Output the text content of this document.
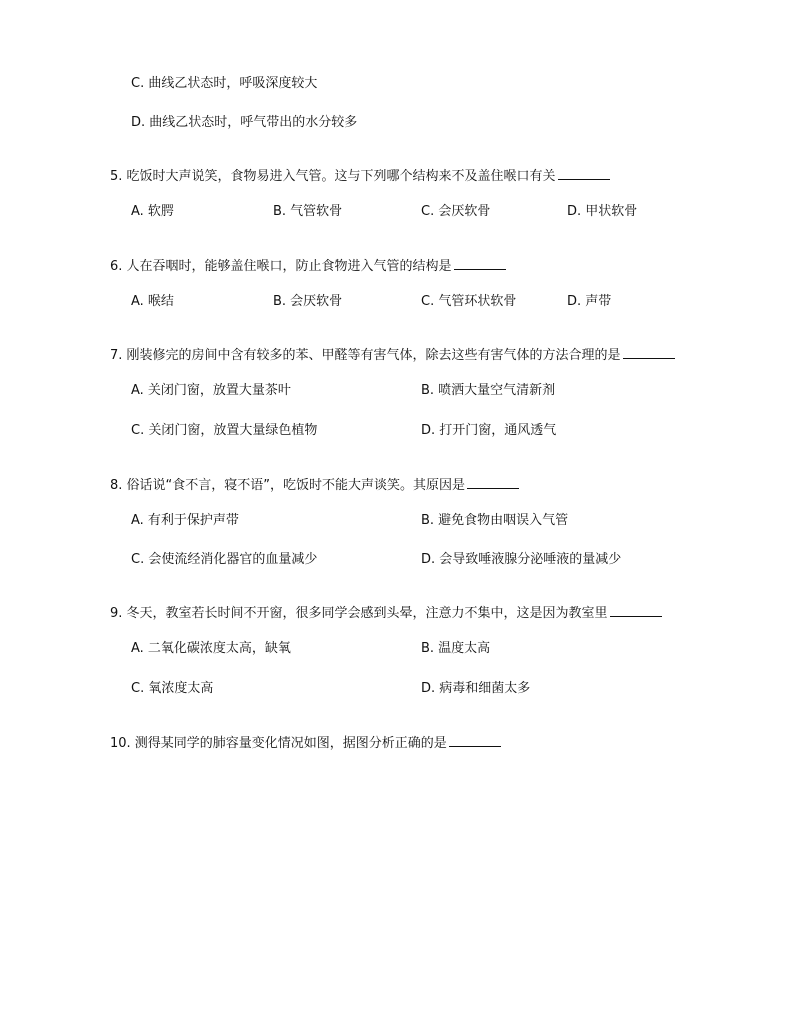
C. 曲线乙状态时，呼吸深度较大
D. 曲线乙状态时，呼气带出的水分较多
5. 吃饭时大声说笑，食物易进入气管。这与下列哪个结构来不及盖住喉口有关
A. 软腭	B. 气管软骨	C. 会厌软骨	D. 甲状软骨
6. 人在吞咽时，能够盖住喉口，防止食物进入气管的结构是
A. 喉结	B. 会厌软骨	C. 气管环状软骨	D. 声带
7. 刚装修完的房间中含有较多的苯、甲醛等有害气体，除去这些有害气体的方法合理的是
A. 关闭门窗，放置大量茶叶	B. 喷洒大量空气清新剂
C. 关闭门窗，放置大量绿色植物	D. 打开门窗，通风透气
8. 俗话说“食不言，寝不语”，吃饭时不能大声谈笑。其原因是
A. 有利于保护声带	B. 避免食物由咽误入气管
C. 会使流经消化器官的血量减少	D. 会导致唾液腺分泌唾液的量减少
9. 冬天，教室若长时间不开窗，很多同学会感到头晕，注意力不集中，这是因为教室里
A. 二氧化碳浓度太高，缺氧	B. 温度太高
C. 氧浓度太高	D. 病毒和细菌太多
10. 测得某同学的肺容量变化情况如图，据图分析正确的是
